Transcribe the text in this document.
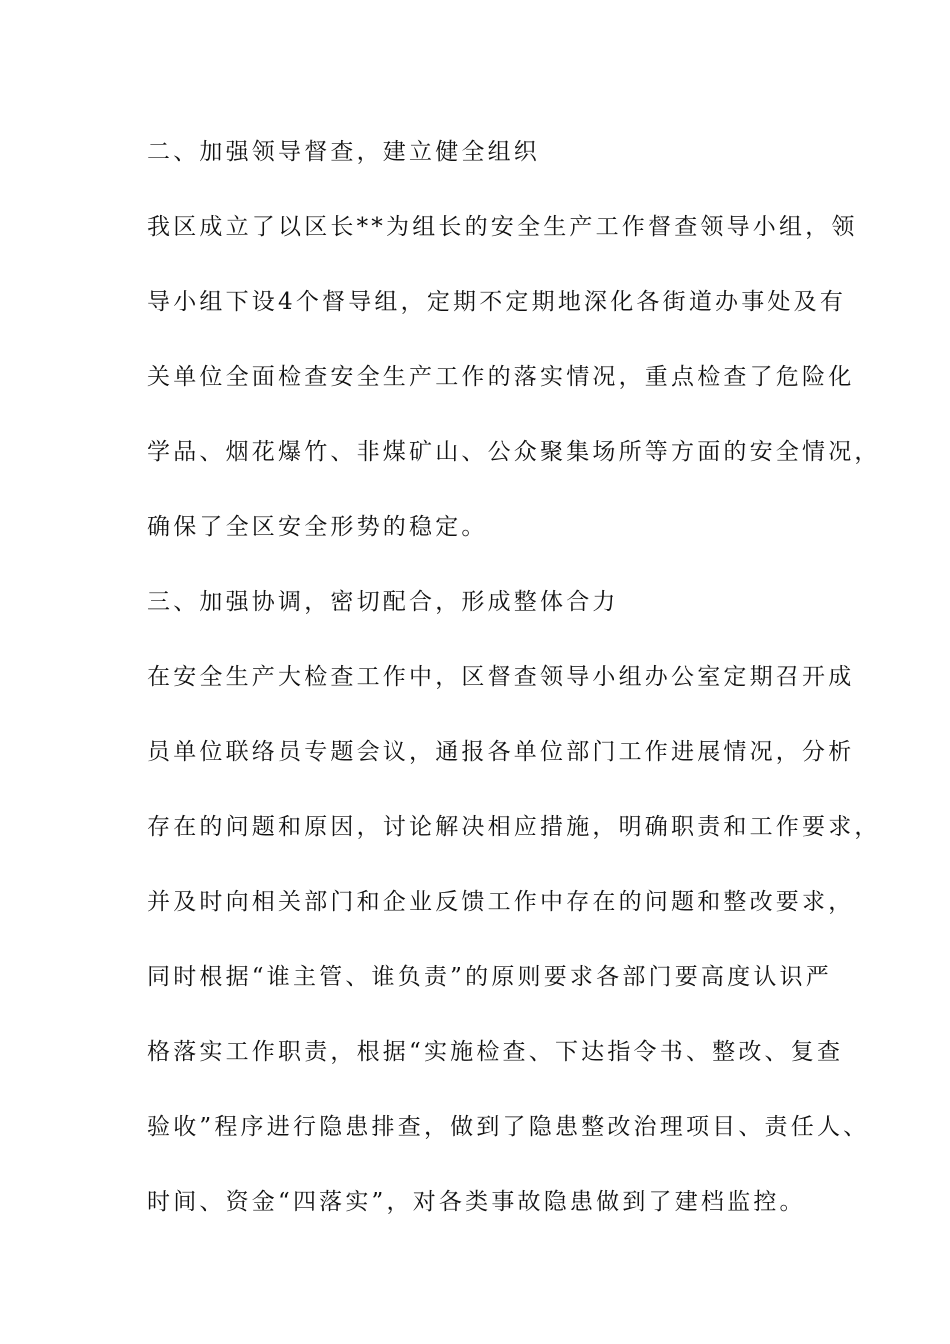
二、加强领导督查，建立健全组织
我区成立了以区长**为组长的安全生产工作督查领导小组，领
导小组下设4个督导组，定期不定期地深化各街道办事处及有
关单位全面检查安全生产工作的落实情况，重点检查了危险化
学品、烟花爆竹、非煤矿山、公众聚集场所等方面的安全情况，
确保了全区安全形势的稳定。
三、加强协调，密切配合，形成整体合力
在安全生产大检查工作中，区督查领导小组办公室定期召开成
员单位联络员专题会议，通报各单位部门工作进展情况，分析
存在的问题和原因，讨论解决相应措施，明确职责和工作要求，
并及时向相关部门和企业反馈工作中存在的问题和整改要求，
同时根据“谁主管、谁负责”的原则要求各部门要高度认识严
格落实工作职责，根据“实施检查、下达指令书、整改、复查
验收”程序进行隐患排查，做到了隐患整改治理项目、责任人、
时间、资金“四落实”，对各类事故隐患做到了建档监控。
